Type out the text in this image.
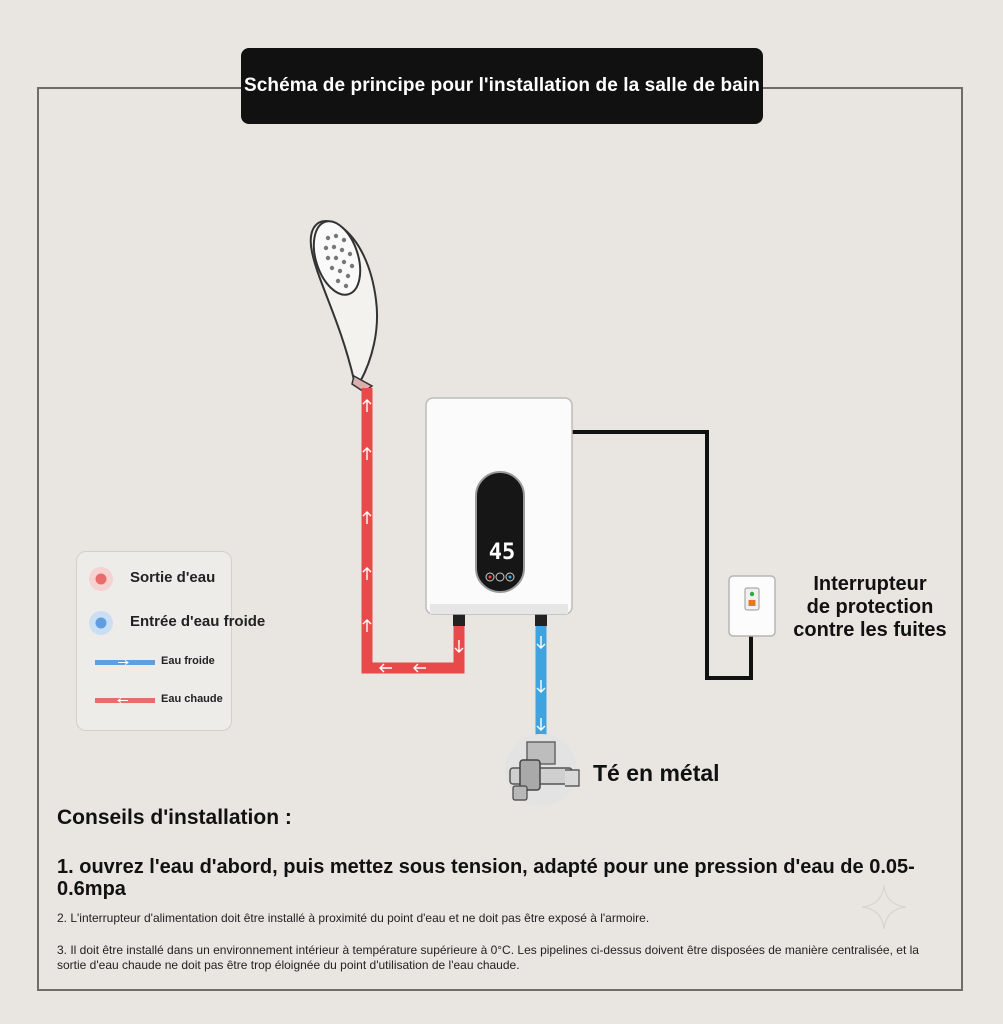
Schéma de principe pour l'installation de la salle de bain
45
Sortie d'eau
Entrée d'eau froide
Eau froide
Eau chaude
Interrupteur
de protection
contre les fuites
Té en métal
Conseils d'installation :
1. ouvrez l'eau d'abord, puis mettez sous tension, adapté pour une pression d'eau de 0.05-0.6mpa
2. L'interrupteur d'alimentation doit être installé à proximité du point d'eau et ne doit pas être exposé à l'armoire.
3. Il doit être installé dans un environnement intérieur à température supérieure à 0°C. Les pipelines ci-dessus doivent être disposées de manière centralisée, et la sortie d'eau chaude ne doit pas être trop éloignée du point d'utilisation de l'eau chaude.
